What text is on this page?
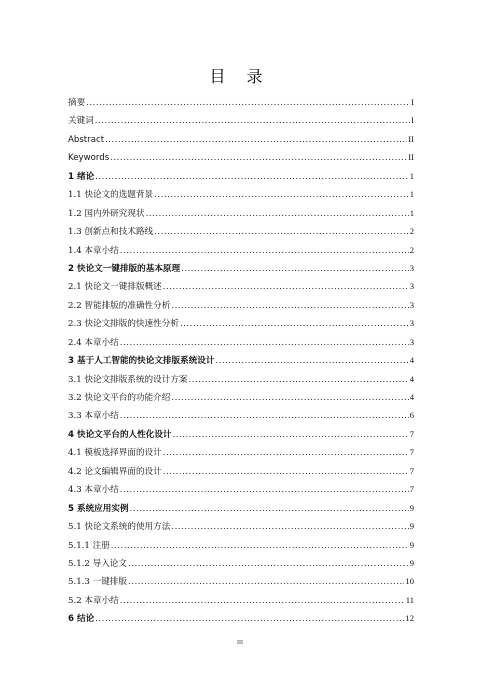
目 录
摘要 .....	I
关键词 .....	I
Abstract .....	II
Keywords .....	II
1 绪论 .....	1
1.1 快论文的选题背景 .....	1
1.2 国内外研究现状 .....	1
1.3 创新点和技术路线 .....	2
1.4 本章小结 .....	2
2 快论文一键排版的基本原理 .....	3
2.1 快论文一键排版概述 .....	3
2.2 智能排版的准确性分析 .....	3
2.3 快论文排版的快速性分析 .....	3
2.4 本章小结 .....	3
3 基于人工智能的快论文排版系统设计 .....	4
3.1 快论文排版系统的设计方案 .....	4
3.2 快论文平台的功能介绍 .....	4
3.3 本章小结 .....	6
4 快论文平台的人性化设计 .....	7
4.1 模板选择界面的设计 .....	7
4.2 论文编辑界面的设计 .....	7
4.3 本章小结 .....	7
5 系统应用实例 .....	9
5.1 快论文系统的使用方法 .....	9
5.1.1 注册 .....	9
5.1.2 导入论文 .....	9
5.1.3 一键排版 .....	10
5.2 本章小结 .....	11
6 结论 .....	12
III
